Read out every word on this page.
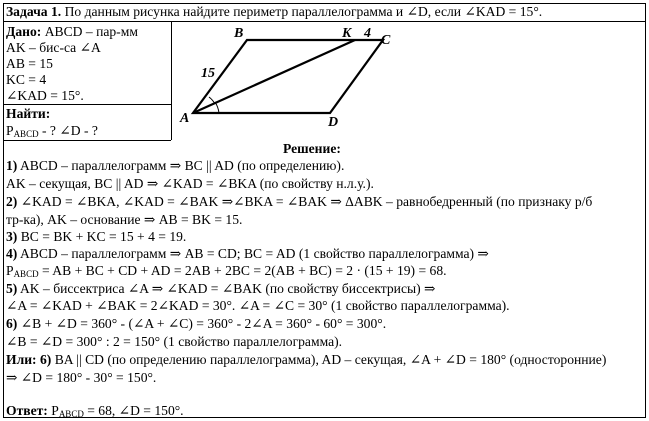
Задача 1. По данным рисунка найдите периметр параллелограмма и ∠D, если ∠KAD = 15°.
Дано: ABCD – пар-мм
AK – бис-са ∠A
AB = 15
KC = 4
∠KAD = 15°.
Найти:
$P_{ABCD}$ - ? ∠D - ?
A
B	K C
D
15
4
Решение:
1) ABCD – параллелограмм ⇒ BC || AD (по определению).
AK – секущая, BC || AD ⇒ ∠KAD = ∠BKA (по свойству н.л.у.).
2) ∠KAD = ∠BKA, ∠KAD = ∠BAK ⇒∠BKA = ∠BAK ⇒ ΔABK – равнобедренный (по признаку р/б
тр-ка), AK – основание ⇒ AB = BK = 15.
3) BC = BK + KC = 15 + 4 = 19.
4) ABCD – параллелограмм ⇒ AB = CD; BC = AD (1 свойство параллелограмма) ⇒
$P_{ABCD}$ = AB + BC + CD + AD = 2AB + 2BC = 2(AB + BC) = 2 · (15 + 19) = 68.
5) AK – биссектриса ∠A ⇒ ∠KAD = ∠BAK (по свойству биссектрисы) ⇒
∠A = ∠KAD + ∠BAK = 2∠KAD = 30°. ∠A = ∠C = 30° (1 свойство параллелограмма).
6) ∠B + ∠D = 360° - (∠A + ∠C) = 360° - 2∠A = 360° - 60° = 300°.
∠B = ∠D = 300° : 2 = 150° (1 свойство параллелограмма).
Или: 6) BA || CD (по определению параллелограмма), AD – секущая, ∠A + ∠D = 180° (односторонние)
⇒ ∠D = 180° - 30° = 150°.
Ответ: $P_{ABCD} = 68$, ∠D = 150°.
